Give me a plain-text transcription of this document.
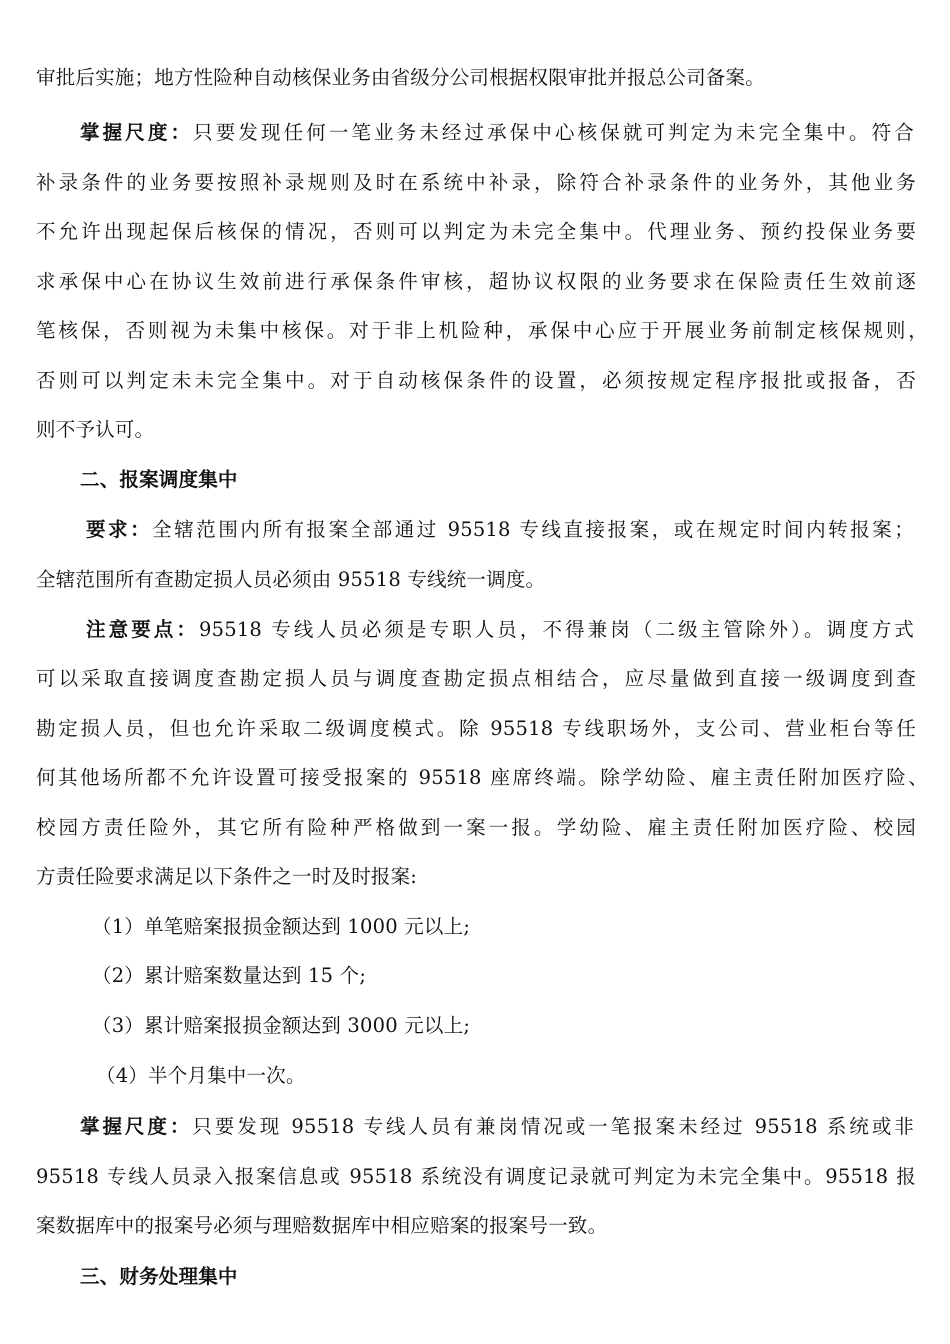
审批后实施；地方性险种自动核保业务由省级分公司根据权限审批并报总公司备案。
掌握尺度：只要发现任何一笔业务未经过承保中心核保就可判定为未完全集中。符合
补录条件的业务要按照补录规则及时在系统中补录，除符合补录条件的业务外，其他业务
不允许出现起保后核保的情况，否则可以判定为未完全集中。代理业务、预约投保业务要
求承保中心在协议生效前进行承保条件审核，超协议权限的业务要求在保险责任生效前逐
笔核保，否则视为未集中核保。对于非上机险种，承保中心应于开展业务前制定核保规则，
否则可以判定未未完全集中。对于自动核保条件的设置，必须按规定程序报批或报备，否
则不予认可。
二、报案调度集中
要求：全辖范围内所有报案全部通过 95518 专线直接报案，或在规定时间内转报案；
全辖范围所有查勘定损人员必须由 95518 专线统一调度。
注意要点：95518 专线人员必须是专职人员，不得兼岗（二级主管除外）。调度方式
可以采取直接调度查勘定损人员与调度查勘定损点相结合，应尽量做到直接一级调度到查
勘定损人员，但也允许采取二级调度模式。除 95518 专线职场外，支公司、营业柜台等任
何其他场所都不允许设置可接受报案的 95518 座席终端。除学幼险、雇主责任附加医疗险、
校园方责任险外，其它所有险种严格做到一案一报。学幼险、雇主责任附加医疗险、校园
方责任险要求满足以下条件之一时及时报案:
（1）单笔赔案报损金额达到 1000 元以上;
（2）累计赔案数量达到 15 个;
（3）累计赔案报损金额达到 3000 元以上;
（4）半个月集中一次。
掌握尺度：只要发现 95518 专线人员有兼岗情况或一笔报案未经过 95518 系统或非
95518 专线人员录入报案信息或 95518 系统没有调度记录就可判定为未完全集中。95518 报
案数据库中的报案号必须与理赔数据库中相应赔案的报案号一致。
三、财务处理集中
